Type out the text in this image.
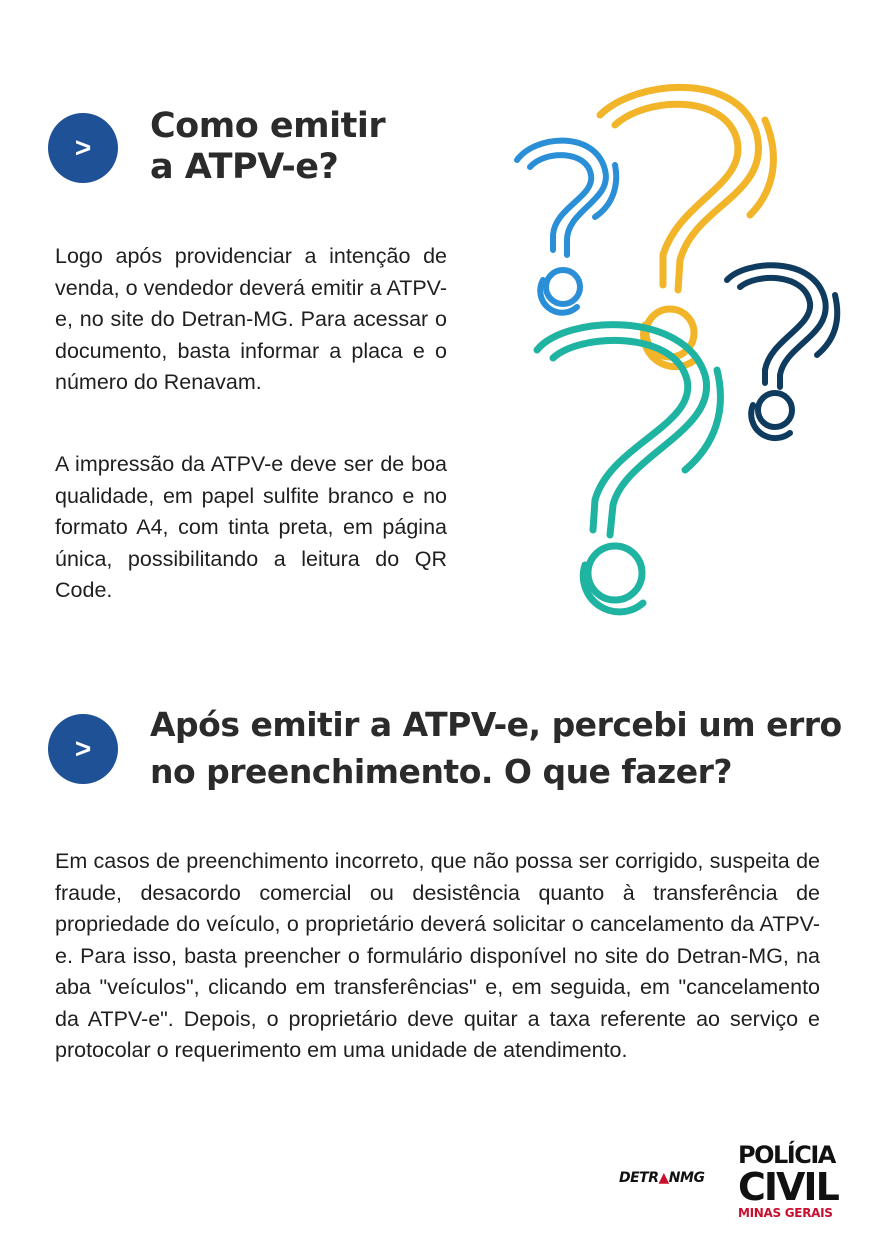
>
Como emitir
a ATPV-e?

Logo após providenciar a intenção de venda, o vendedor deverá emitir a ATPV-e, no site do Detran-MG. Para acessar o documento, basta informar a placa e o número do Renavam.

A impressão da ATPV-e deve ser de boa qualidade, em papel sulfite branco e no formato A4, com tinta preta, em página única, possibilitando a leitura do QR Code.

>
Após emitir a ATPV-e, percebi um erro
no preenchimento. O que fazer?

Em casos de preenchimento incorreto, que não possa ser corrigido, suspeita de fraude, desacordo comercial ou desistência quanto à transferência de propriedade do veículo, o proprietário deverá solicitar o cancelamento da ATPV-e. Para isso, basta preencher o formulário disponível no site do Detran-MG, na aba "veículos", clicando em transferências" e, em seguida, em "cancelamento da ATPV-e". Depois, o proprietário deve quitar a taxa referente ao serviço e protocolar o requerimento em uma unidade de atendimento.

DETR▲NMG
POLÍCIA
CIVIL
MINAS GERAIS
